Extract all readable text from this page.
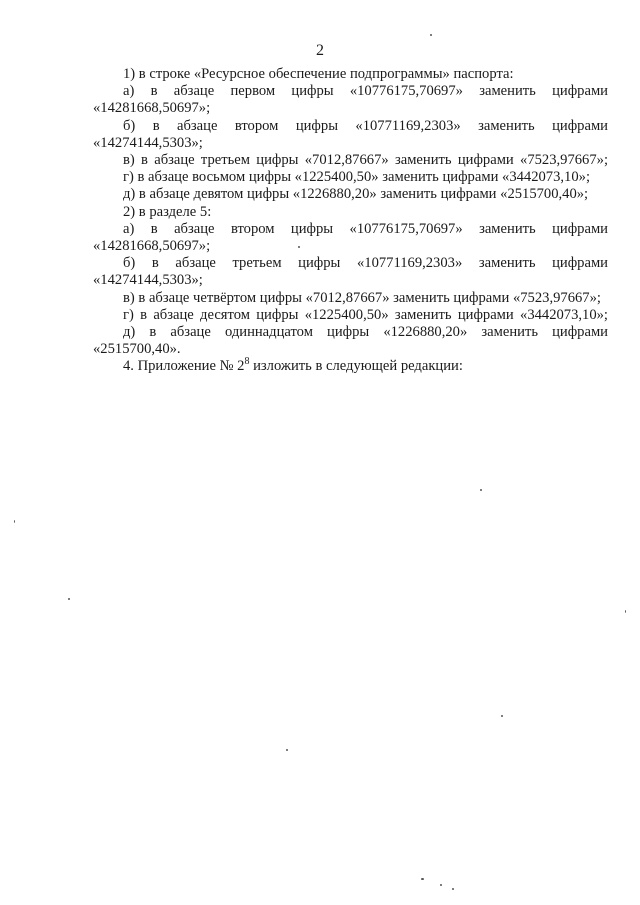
2

1) в строке «Ресурсное обеспечение подпрограммы» паспорта:

а) в абзаце первом цифры «10776175,70697» заменить цифрами «14281668,50697»;

б) в абзаце втором цифры «10771169,2303» заменить цифрами «14274144,5303»;

в) в абзаце третьем цифры «7012,87667» заменить цифрами «7523,97667»;

г) в абзаце восьмом цифры «1225400,50» заменить цифрами «3442073,10»;

д) в абзаце девятом цифры «1226880,20» заменить цифрами «2515700,40»;

2) в разделе 5:

а) в абзаце втором цифры «10776175,70697» заменить цифрами «14281668,50697»;

б) в абзаце третьем цифры «10771169,2303» заменить цифрами «14274144,5303»;

в) в абзаце четвёртом цифры «7012,87667» заменить цифрами «7523,97667»;

г) в абзаце десятом цифры «1225400,50» заменить цифрами «3442073,10»;

д) в абзаце одиннадцатом цифры «1226880,20» заменить цифрами «2515700,40».

4. Приложение № $2^8$ изложить в следующей редакции:
